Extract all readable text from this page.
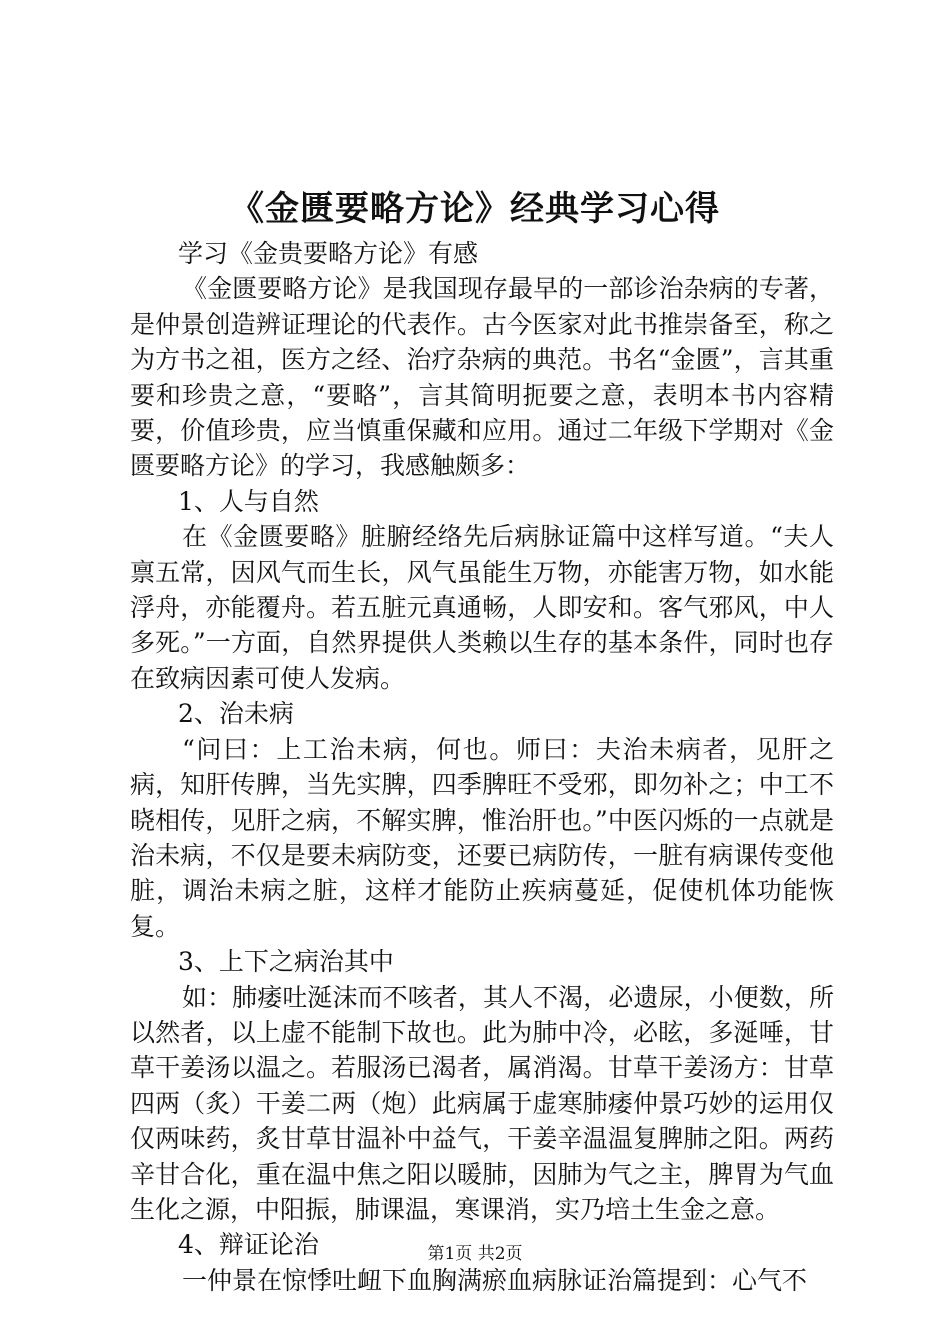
《金匮要略方论》经典学习心得

学习《金贵要略方论》有感

《金匮要略方论》是我国现存最早的一部诊治杂病的专著，是仲景创造辨证理论的代表作。古今医家对此书推崇备至，称之为方书之祖，医方之经、治疗杂病的典范。书名“金匮”，言其重要和珍贵之意，“要略”，言其简明扼要之意，表明本书内容精要，价值珍贵，应当慎重保藏和应用。通过二年级下学期对《金匮要略方论》的学习，我感触颇多：

1、人与自然

在《金匮要略》脏腑经络先后病脉证篇中这样写道。“夫人禀五常，因风气而生长，风气虽能生万物，亦能害万物，如水能浮舟，亦能覆舟。若五脏元真通畅，人即安和。客气邪风，中人多死。”一方面，自然界提供人类赖以生存的基本条件，同时也存在致病因素可使人发病。

2、治未病

“问曰：上工治未病，何也。师曰：夫治未病者，见肝之病，知肝传脾，当先实脾，四季脾旺不受邪，即勿补之；中工不晓相传，见肝之病，不解实脾，惟治肝也。”中医闪烁的一点就是治未病，不仅是要未病防变，还要已病防传，一脏有病课传变他脏，调治未病之脏，这样才能防止疾病蔓延，促使机体功能恢复。

3、上下之病治其中

如：肺痿吐涎沫而不咳者，其人不渴，必遗尿，小便数，所以然者，以上虚不能制下故也。此为肺中冷，必眩，多涎唾，甘草干姜汤以温之。若服汤已渴者，属消渴。甘草干姜汤方：甘草四两（炙）干姜二两（炮）此病属于虚寒肺痿仲景巧妙的运用仅仅两味药，炙甘草甘温补中益气，干姜辛温温复脾肺之阳。两药辛甘合化，重在温中焦之阳以暖肺，因肺为气之主，脾胃为气血生化之源，中阳振，肺课温，寒课消，实乃培土生金之意。

4、辩证论治

一仲景在惊悸吐衄下血胸满瘀血病脉证治篇提到：心气不

第1页 共2页
